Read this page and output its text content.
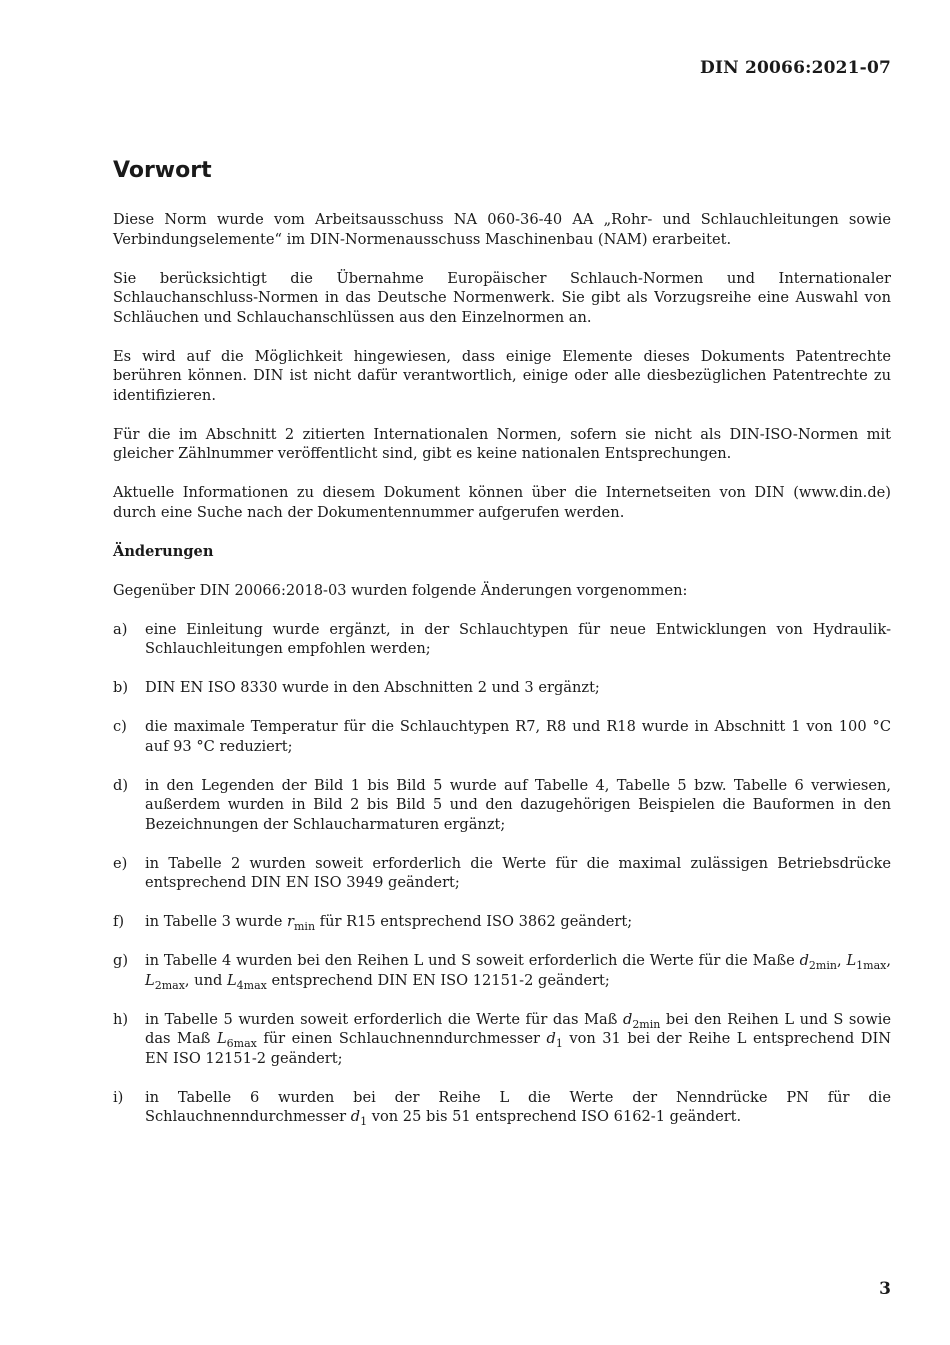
DIN 20066:2021-07
Vorwort

Diese Norm wurde vom Arbeitsausschuss NA 060-36-40 AA „Rohr- und Schlauchleitungen sowie Verbindungselemente“ im DIN-Normenausschuss Maschinenbau (NAM) erarbeitet.

Sie berücksichtigt die Übernahme Europäischer Schlauch-Normen und Internationaler Schlauchanschluss-Normen in das Deutsche Normenwerk. Sie gibt als Vorzugsreihe eine Auswahl von Schläuchen und Schlauchanschlüssen aus den Einzelnormen an.

Es wird auf die Möglichkeit hingewiesen, dass einige Elemente dieses Dokuments Patentrechte berühren können. DIN ist nicht dafür verantwortlich, einige oder alle diesbezüglichen Patentrechte zu identifizieren.

Für die im Abschnitt 2 zitierten Internationalen Normen, sofern sie nicht als DIN-ISO-Normen mit gleicher Zählnummer veröffentlicht sind, gibt es keine nationalen Entsprechungen.

Aktuelle Informationen zu diesem Dokument können über die Internetseiten von DIN (www.din.de) durch eine Suche nach der Dokumentennummer aufgerufen werden.

Änderungen

Gegenüber DIN 20066:2018-03 wurden folgende Änderungen vorgenommen:

a)	eine Einleitung wurde ergänzt, in der Schlauchtypen für neue Entwicklungen von Hydraulik-Schlauchleitungen empfohlen werden;
b)	DIN EN ISO 8330 wurde in den Abschnitten 2 und 3 ergänzt;
c)	die maximale Temperatur für die Schlauchtypen R7, R8 und R18 wurde in Abschnitt 1 von 100 °C auf 93 °C reduziert;
d)	in den Legenden der Bild 1 bis Bild 5 wurde auf Tabelle 4, Tabelle 5 bzw. Tabelle 6 verwiesen, außerdem wurden in Bild 2 bis Bild 5 und den dazugehörigen Beispielen die Bauformen in den Bezeichnungen der Schlaucharmaturen ergänzt;
e)	in Tabelle 2 wurden soweit erforderlich die Werte für die maximal zulässigen Betriebsdrücke entsprechend DIN EN ISO 3949 geändert;
f)	in Tabelle 3 wurde $r_{min}$ für R15 entsprechend ISO 3862 geändert;
g)	in Tabelle 4 wurden bei den Reihen L und S soweit erforderlich die Werte für die Maße $d_{2min}$, $L_{1max}$, $L_{2max}$, und $L_{4max}$ entsprechend DIN EN ISO 12151-2 geändert;
h)	in Tabelle 5 wurden soweit erforderlich die Werte für das Maß $d_{2min}$ bei den Reihen L und S sowie das Maß $L_{6max}$ für einen Schlauchnenndurchmesser $d_1$ von 31 bei der Reihe L entsprechend DIN EN ISO 12151-2 geändert;
i)	in Tabelle 6 wurden bei der Reihe L die Werte der Nenndrücke PN für die Schlauchnenndurchmesser $d_1$ von 25 bis 51 entsprechend ISO 6162-1 geändert.
3
